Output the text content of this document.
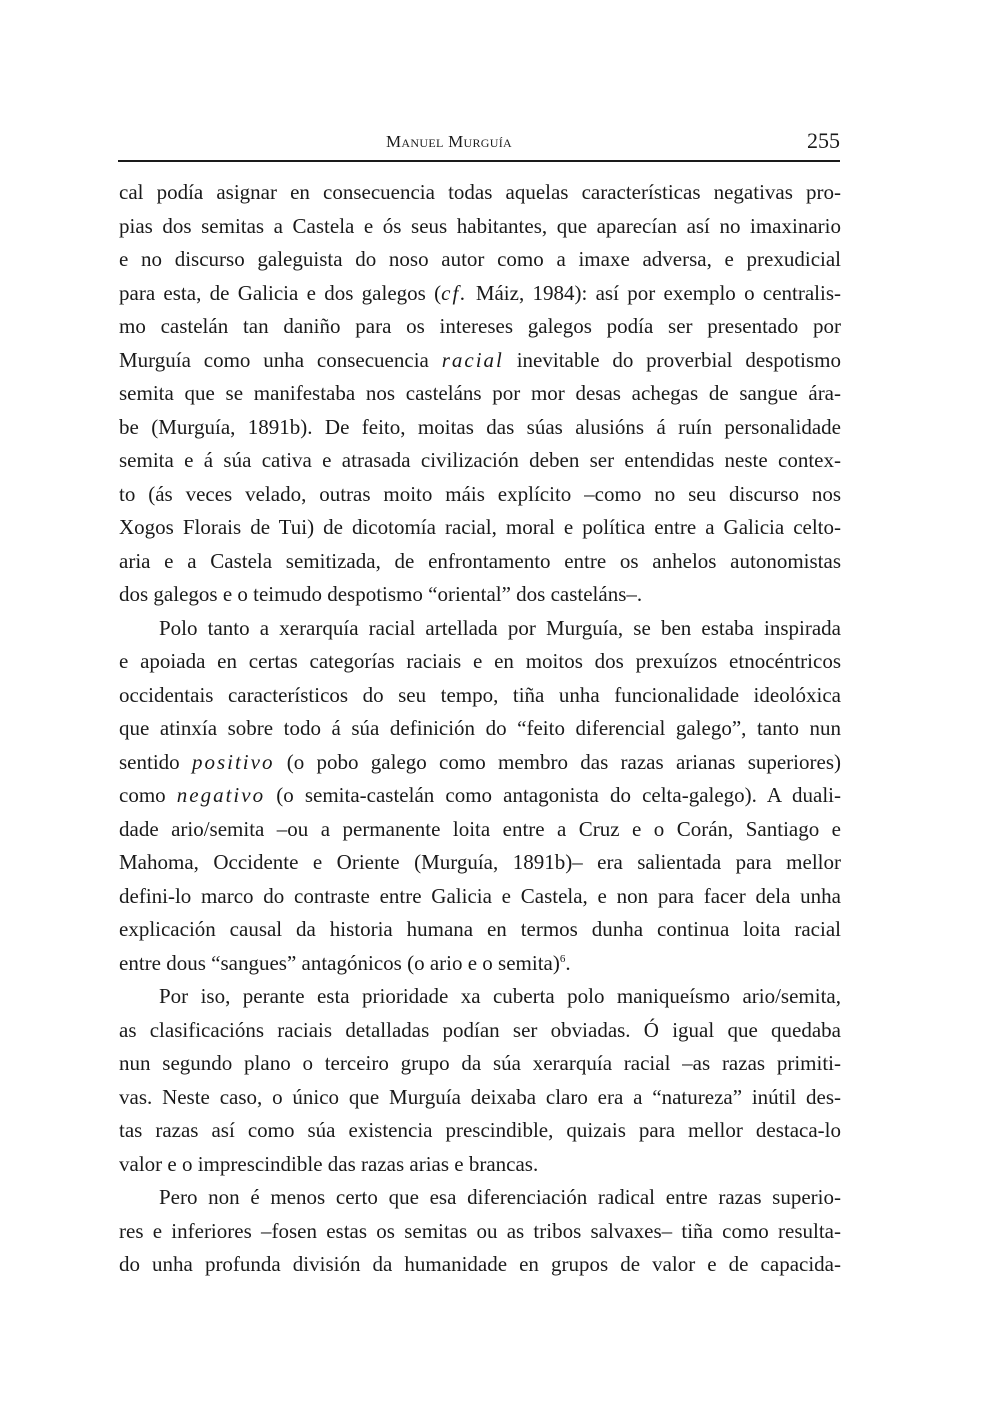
Manuel Murguía	255
cal podía asignar en consecuencia todas aquelas características negativas pro-
pias dos semitas a Castela e ós seus habitantes, que aparecían así no imaxinario
e no discurso galeguista do noso autor como a imaxe adversa, e prexudicial
para esta, de Galicia e dos galegos (cf. Máiz, 1984): así por exemplo o centralis-
mo castelán tan daniño para os intereses galegos podía ser presentado por
Murguía como unha consecuencia racial inevitable do proverbial despotismo
semita que se manifestaba nos casteláns por mor desas achegas de sangue ára-
be (Murguía, 1891b). De feito, moitas das súas alusións á ruín personalidade
semita e á súa cativa e atrasada civilización deben ser entendidas neste contex-
to (ás veces velado, outras moito máis explícito –como no seu discurso nos
Xogos Florais de Tui) de dicotomía racial, moral e política entre a Galicia celto-
aria e a Castela semitizada, de enfrontamento entre os anhelos autonomistas
dos galegos e o teimudo despotismo “oriental” dos casteláns–.
Polo tanto a xerarquía racial artellada por Murguía, se ben estaba inspirada
e apoiada en certas categorías raciais e en moitos dos prexuízos etnocéntricos
occidentais característicos do seu tempo, tiña unha funcionalidade ideolóxica
que atinxía sobre todo á súa definición do “feito diferencial galego”, tanto nun
sentido positivo (o pobo galego como membro das razas arianas superiores)
como negativo (o semita-castelán como antagonista do celta-galego). A duali-
dade ario/semita –ou a permanente loita entre a Cruz e o Corán, Santiago e
Mahoma, Occidente e Oriente (Murguía, 1891b)– era salientada para mellor
defini-lo marco do contraste entre Galicia e Castela, e non para facer dela unha
explicación causal da historia humana en termos dunha continua loita racial
entre dous “sangues” antagónicos (o ario e o semita)$^6$.
Por iso, perante esta prioridade xa cuberta polo maniqueísmo ario/semita,
as clasificacións raciais detalladas podían ser obviadas. Ó igual que quedaba
nun segundo plano o terceiro grupo da súa xerarquía racial –as razas primiti-
vas. Neste caso, o único que Murguía deixaba claro era a “natureza” inútil des-
tas razas así como súa existencia prescindible, quizais para mellor destaca-lo
valor e o imprescindible das razas arias e brancas.
Pero non é menos certo que esa diferenciación radical entre razas superio-
res e inferiores –fosen estas os semitas ou as tribos salvaxes– tiña como resulta-
do unha profunda división da humanidade en grupos de valor e de capacida-
